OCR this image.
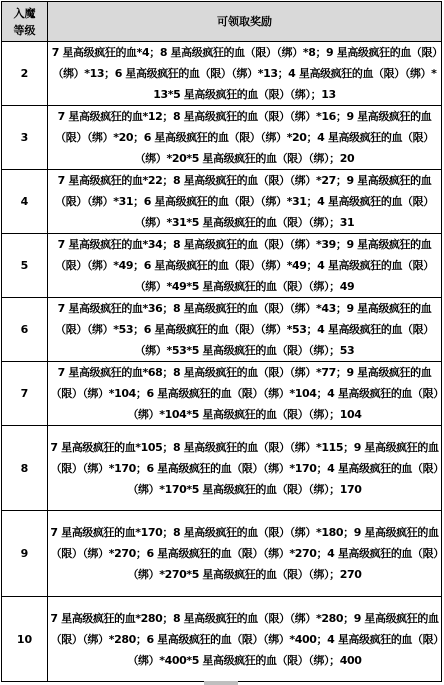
入魔
等级	可领取奖励
2	7 星高级疯狂的血*4；8 星高级疯狂的血（限）（绑）*8；9 星高级疯狂的血（限）（绑）*13；6 星高级疯狂的血（限）（绑）*13；4 星高级疯狂的血（限）（绑）*13*5 星高级疯狂的血（限）（绑）；13
3	7 星高级疯狂的血*12；8 星高级疯狂的血（限）（绑）*16；9 星高级疯狂的血（限）（绑）*20；6 星高级疯狂的血（限）（绑）*20；4 星高级疯狂的血（限）（绑）*20*5 星高级疯狂的血（限）（绑）；20
4	7 星高级疯狂的血*22；8 星高级疯狂的血（限）（绑）*27；9 星高级疯狂的血（限）（绑）*31；6 星高级疯狂的血（限）（绑）*31；4 星高级疯狂的血（限）（绑）*31*5 星高级疯狂的血（限）（绑）；31
5	7 星高级疯狂的血*34；8 星高级疯狂的血（限）（绑）*39；9 星高级疯狂的血（限）（绑）*49；6 星高级疯狂的血（限）（绑）*49；4 星高级疯狂的血（限）（绑）*49*5 星高级疯狂的血（限）（绑）；49
6	7 星高级疯狂的血*36；8 星高级疯狂的血（限）（绑）*43；9 星高级疯狂的血（限）（绑）*53；6 星高级疯狂的血（限）（绑）*53；4 星高级疯狂的血（限）（绑）*53*5 星高级疯狂的血（限）（绑）；53
7	7 星高级疯狂的血*68；8 星高级疯狂的血（限）（绑）*77；9 星高级疯狂的血（限）（绑）*104；6 星高级疯狂的血（限）（绑）*104；4 星高级疯狂的血（限）（绑）*104*5 星高级疯狂的血（限）（绑）；104
8	7 星高级疯狂的血*105；8 星高级疯狂的血（限）（绑）*115；9 星高级疯狂的血（限）（绑）*170；6 星高级疯狂的血（限）（绑）*170；4 星高级疯狂的血（限）（绑）*170*5 星高级疯狂的血（限）（绑）；170
9	7 星高级疯狂的血*170；8 星高级疯狂的血（限）（绑）*180；9 星高级疯狂的血（限）（绑）*270；6 星高级疯狂的血（限）（绑）*270；4 星高级疯狂的血（限）（绑）*270*5 星高级疯狂的血（限）（绑）；270
10	7 星高级疯狂的血*280；8 星高级疯狂的血（限）（绑）*280；9 星高级疯狂的血（限）（绑）*280；6 星高级疯狂的血（限）（绑）*400；4 星高级疯狂的血（限）（绑）*400*5 星高级疯狂的血（限）（绑）；400
